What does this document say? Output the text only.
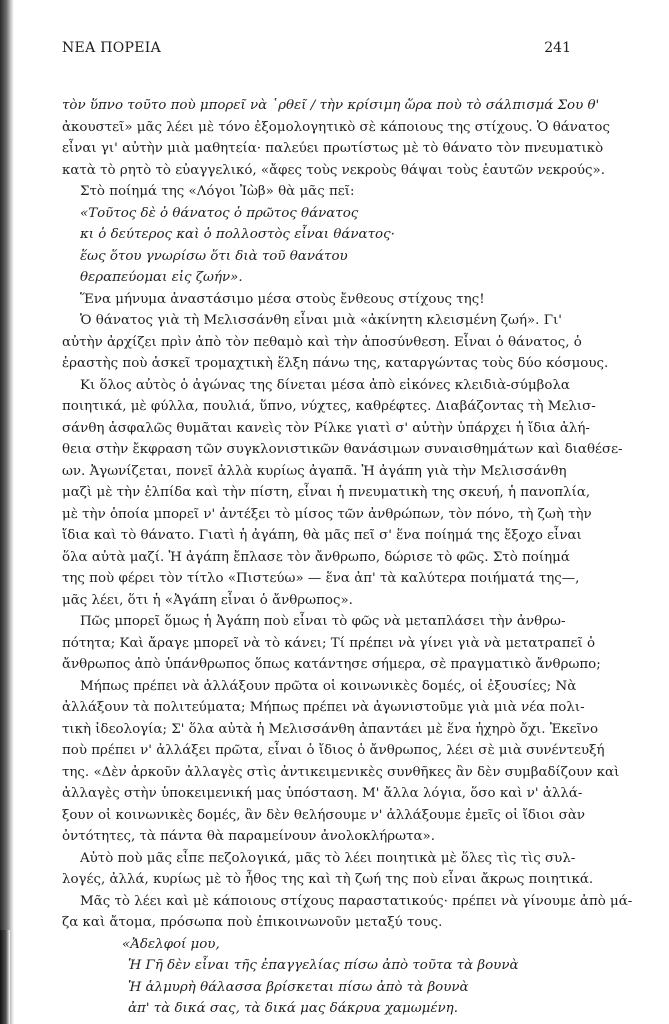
ΝΕΑ ΠΟΡΕΙΑ	241
τὸν ὕπνο τοῦτο ποὺ μπορεῖ νὰ ῾ρθεῖ / τὴν κρίσιμη ὥρα ποὺ τὸ σάλπισμά Σου θ'
ἀκουστεῖ» μᾶς λέει μὲ τόνο ἐξομολογητικὸ σὲ κάποιους της στίχους. Ὁ θάνατος
εἶναι γι' αὐτὴν μιὰ μαθητεία· παλεύει πρωτίστως μὲ τὸ θάνατο τὸν πνευματικὸ
κατὰ τὸ ρητὸ τὸ εὐαγγελικό, «ἄφες τοὺς νεκροὺς θάψαι τοὺς ἑαυτῶν νεκρούς».
Στὸ ποίημά της «Λόγοι Ἰὼβ» θὰ μᾶς πεῖ:
«Τοῦτος δὲ ὁ θάνατος ὁ πρῶτος θάνατος
κι ὁ δεύτερος καὶ ὁ πολλοστὸς εἶναι θάνατος·
ἕως ὅτου γνωρίσω ὅτι διὰ τοῦ θανάτου
θεραπεύομαι εἰς ζωήν».
Ἕνα μήνυμα ἀναστάσιμο μέσα στοὺς ἔνθεους στίχους της!
Ὁ θάνατος γιὰ τὴ Μελισσάνθη εἶναι μιὰ «ἀκίνητη κλεισμένη ζωή». Γι'
αὐτὴν ἀρχίζει πρὶν ἀπὸ τὸν πεθαμὸ καὶ τὴν ἀποσύνθεση. Εἶναι ὁ θάνατος, ὁ
ἐραστὴς ποὺ ἀσκεῖ τρομαχτικὴ ἕλξη πάνω της, καταργώντας τοὺς δύο κόσμους.
Κι ὅλος αὐτὸς ὁ ἀγώνας της δίνεται μέσα ἀπὸ εἰκόνες κλειδιὰ-σύμβολα
ποιητικά, μὲ φύλλα, πουλιά, ὕπνο, νύχτες, καθρέφτες. Διαβάζοντας τὴ Μελισ-
σάνθη ἀσφαλῶς θυμᾶται κανεὶς τὸν Ρίλκε γιατὶ σ' αὐτὴν ὑπάρχει ἡ ἴδια ἀλή-
θεια στὴν ἔκφραση τῶν συγκλονιστικῶν θανάσιμων συναισθημάτων καὶ διαθέσε-
ων. Ἀγωνίζεται, πονεῖ ἀλλὰ κυρίως ἀγαπᾶ. Ἡ ἀγάπη γιὰ τὴν Μελισσάνθη
μαζὶ μὲ τὴν ἐλπίδα καὶ τὴν πίστη, εἶναι ἡ πνευματικὴ της σκευή, ἡ πανοπλία,
μὲ τὴν ὁποία μπορεῖ ν' ἀντέξει τὸ μίσος τῶν ἀνθρώπων, τὸν πόνο, τὴ ζωὴ τὴν
ἴδια καὶ τὸ θάνατο. Γιατὶ ἡ ἀγάπη, θὰ μᾶς πεῖ σ' ἕνα ποίημά της ἔξοχο εἶναι
ὅλα αὐτὰ μαζί. Ἡ ἀγάπη ἔπλασε τὸν ἄνθρωπο, δώρισε τὸ φῶς. Στὸ ποίημά
της ποὺ φέρει τὸν τίτλο «Πιστεύω» — ἕνα ἀπ' τὰ καλύτερα ποιήματά της—,
μᾶς λέει, ὅτι ἡ «Ἀγάπη εἶναι ὁ ἄνθρωπος».
Πῶς μπορεῖ ὅμως ἡ Ἀγάπη ποὺ εἶναι τὸ φῶς νὰ μεταπλάσει τὴν ἀνθρω-
πότητα; Καὶ ἄραγε μπορεῖ νὰ τὸ κάνει; Τί πρέπει νὰ γίνει γιὰ νὰ μετατραπεῖ ὁ
ἄνθρωπος ἀπὸ ὑπάνθρωπος ὅπως κατάντησε σήμερα, σὲ πραγματικὸ ἄνθρωπο;
Μήπως πρέπει νὰ ἀλλάξουν πρῶτα οἱ κοινωνικὲς δομές, οἱ ἐξουσίες; Νὰ
ἀλλάξουν τὰ πολιτεύματα; Μήπως πρέπει νὰ ἀγωνιστοῦμε γιὰ μιὰ νέα πολι-
τικὴ ἰδεολογία; Σ' ὅλα αὐτὰ ἡ Μελισσάνθη ἀπαντάει μὲ ἕνα ἠχηρὸ ὄχι. Ἐκεῖνο
ποὺ πρέπει ν' ἀλλάξει πρῶτα, εἶναι ὁ ἴδιος ὁ ἄνθρωπος, λέει σὲ μιὰ συνέντευξή
της. «Δὲν ἀρκοῦν ἀλλαγὲς στὶς ἀντικειμενικὲς συνθῆκες ἂν δὲν συμβαδίζουν καὶ
ἀλλαγὲς στὴν ὑποκειμενική μας ὑπόσταση. Μ' ἄλλα λόγια, ὅσο καὶ ν' ἀλλά-
ξουν οἱ κοινωνικὲς δομές, ἂν δὲν θελήσουμε ν' ἀλλάξουμε ἐμεῖς οἱ ἴδιοι σὰν
ὀντότητες, τὰ πάντα θὰ παραμείνουν ἀνολοκλήρωτα».
Αὐτὸ ποὺ μᾶς εἶπε πεζολογικά, μᾶς τὸ λέει ποιητικὰ μὲ ὅλες τὶς τὶς συλ-
λογές, ἀλλά, κυρίως μὲ τὸ ἦθος της καὶ τὴ ζωή της ποὺ εἶναι ἄκρως ποιητικά.
Μᾶς τὸ λέει καὶ μὲ κάποιους στίχους παραστατικούς· πρέπει νὰ γίνουμε ἀπὸ μά-
ζα καὶ ἄτομα, πρόσωπα ποὺ ἐπικοινωνοῦν μεταξύ τους.
«Ἀδελφοί μου,
Ἡ Γῆ δὲν εἶναι τῆς ἐπαγγελίας πίσω ἀπὸ τοῦτα τὰ βουνὰ
Ἡ ἁλμυρὴ θάλασσα βρίσκεται πίσω ἀπὸ τὰ βουνὰ
ἀπ' τὰ δικά σας, τὰ δικά μας δάκρυα χαμωμένη.
